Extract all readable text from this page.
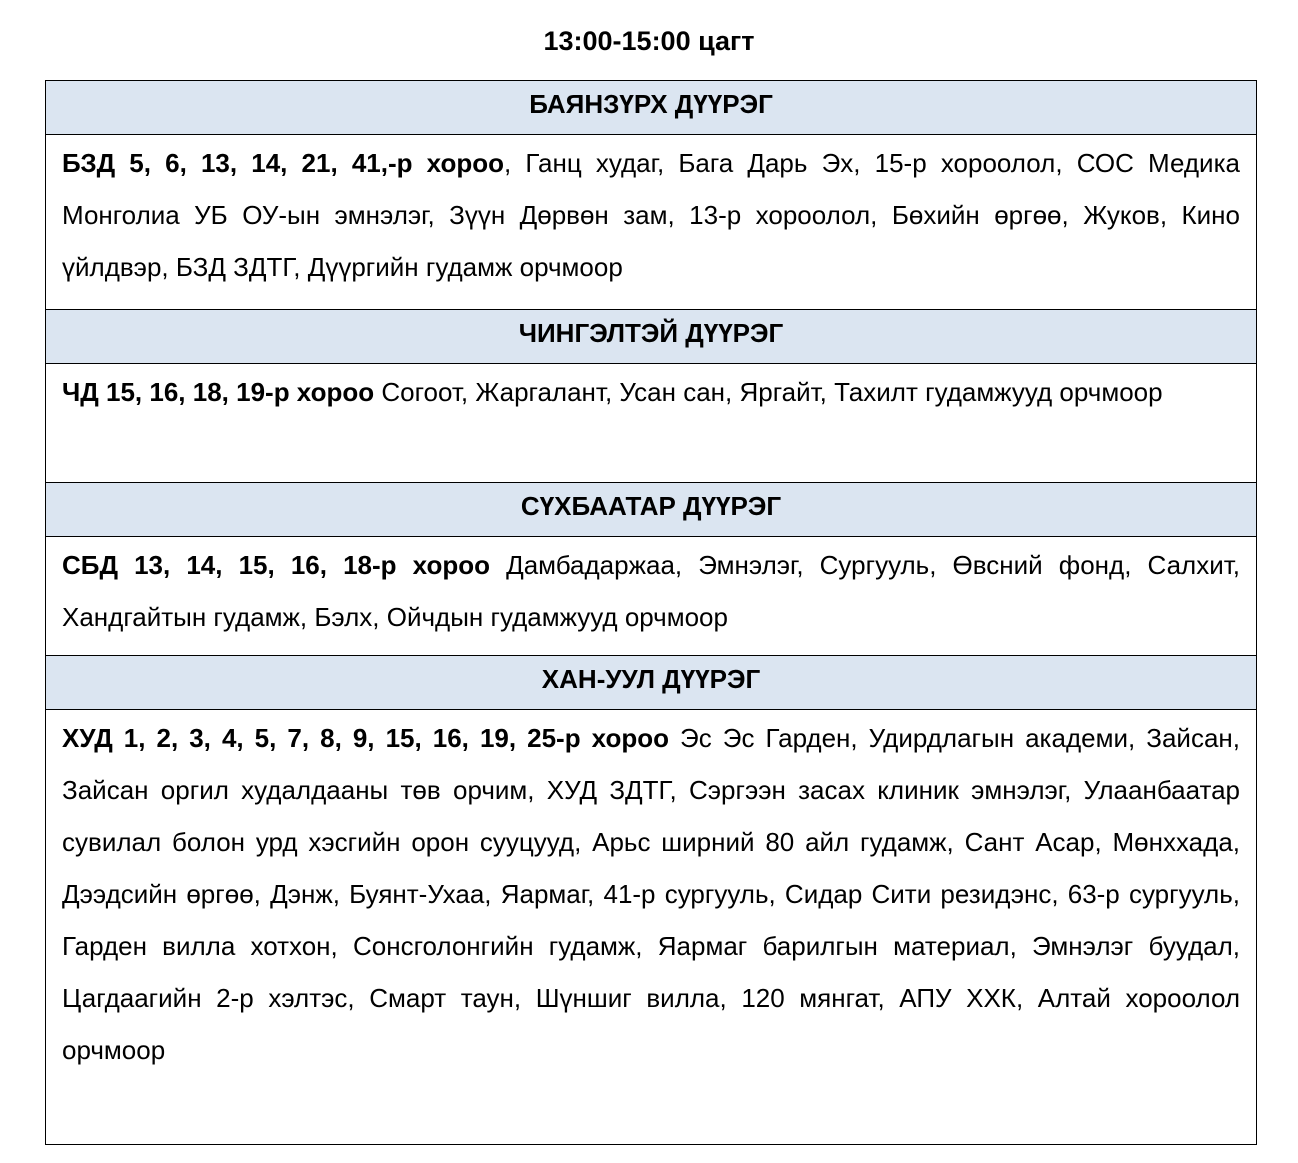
13:00-15:00 цагт
БАЯНЗҮРХ ДҮҮРЭГ
БЗД 5, 6, 13, 14, 21, 41,-р хороо, Ганц худаг, Бага Дарь Эх, 15-р хороолол, СОС Медика Монголиа УБ ОУ-ын эмнэлэг, Зүүн Дөрвөн зам, 13-р хороолол, Бөхийн өргөө, Жуков, Кино үйлдвэр, БЗД ЗДТГ, Дүүргийн гудамж орчмоор
ЧИНГЭЛТЭЙ ДҮҮРЭГ
ЧД 15, 16, 18, 19-р хороо Согоот, Жаргалант, Усан сан, Яргайт, Тахилт гудамжууд орчмоор
СҮХБААТАР ДҮҮРЭГ
СБД 13, 14, 15, 16, 18-р хороо Дамбадаржаа, Эмнэлэг, Сургууль, Өвсний фонд, Салхит, Хандгайтын гудамж, Бэлх, Ойчдын гудамжууд орчмоор
ХАН-УУЛ ДҮҮРЭГ
ХУД 1, 2, 3, 4, 5, 7, 8, 9, 15, 16, 19, 25-р хороо Эс Эс Гарден, Удирдлагын академи, Зайсан, Зайсан оргил худалдааны төв орчим, ХУД ЗДТГ, Сэргээн засах клиник эмнэлэг, Улаанбаатар сувилал болон урд хэсгийн орон сууцууд, Арьс ширний 80 айл гудамж, Сант Асар, Мөнххада, Дээдсийн өргөө, Дэнж, Буянт-Ухаа, Яармаг, 41-р сургууль, Сидар Сити резидэнс, 63-р сургууль, Гарден вилла хотхон, Сонсголонгийн гудамж, Яармаг барилгын материал, Эмнэлэг буудал, Цагдаагийн 2-р хэлтэс, Смарт таун, Шүншиг вилла, 120 мянгат, АПУ ХХК, Алтай хороолол орчмоор
